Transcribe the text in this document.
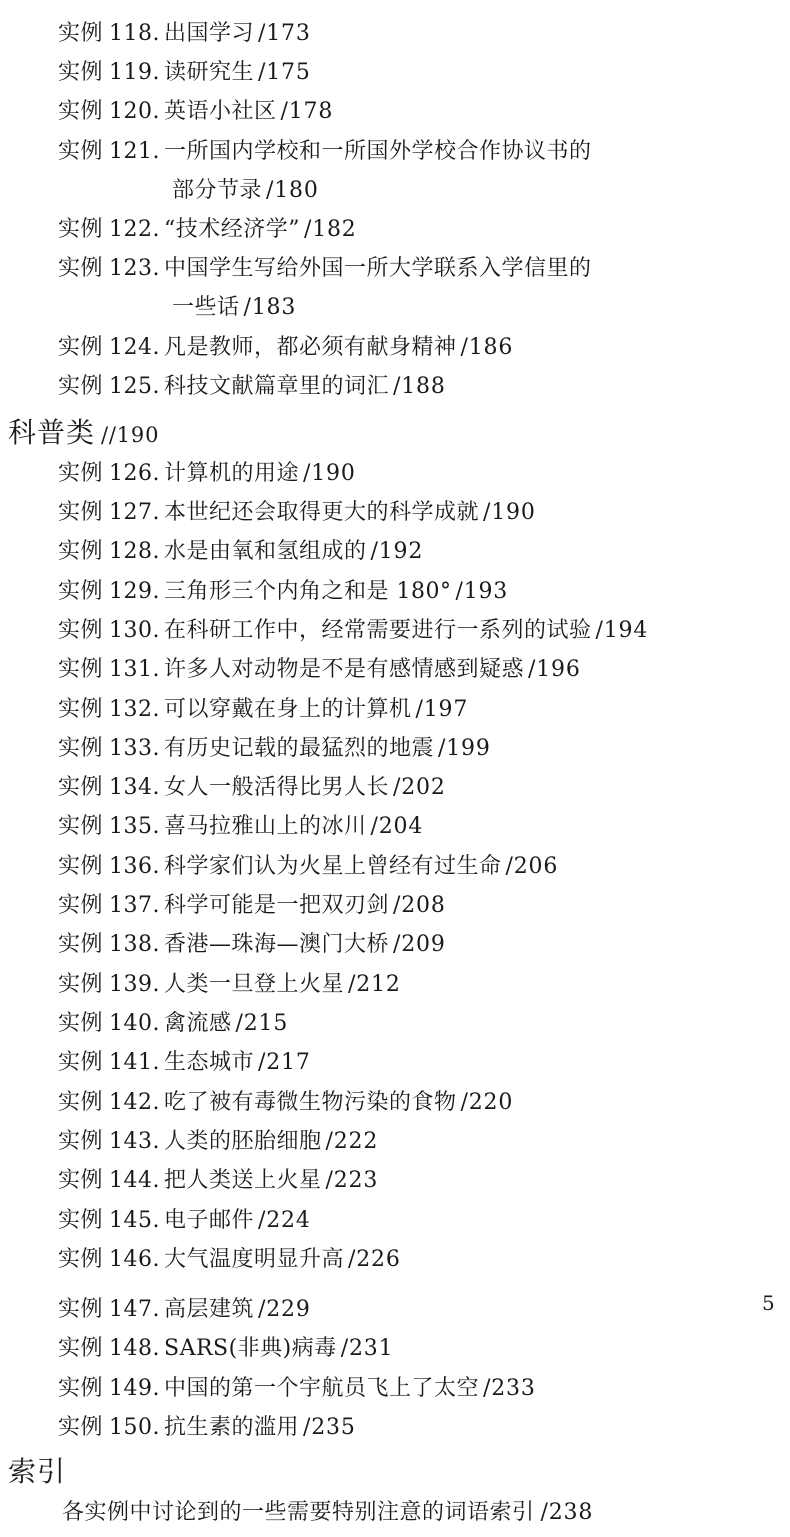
实例 118. 出国学习 /173
实例 119. 读研究生 /175
实例 120. 英语小社区 /178
实例 121. 一所国内学校和一所国外学校合作协议书的
部分节录 /180
实例 122. “技术经济学” /182
实例 123. 中国学生写给外国一所大学联系入学信里的
一些话 /183
实例 124. 凡是教师，都必须有献身精神 /186
实例 125. 科技文献篇章里的词汇 /188
科普类 //190
实例 126. 计算机的用途 /190
实例 127. 本世纪还会取得更大的科学成就 /190
实例 128. 水是由氧和氢组成的 /192
实例 129. 三角形三个内角之和是 180° /193
实例 130. 在科研工作中，经常需要进行一系列的试验 /194
实例 131. 许多人对动物是不是有感情感到疑惑 /196
实例 132. 可以穿戴在身上的计算机 /197
实例 133. 有历史记载的最猛烈的地震 /199
实例 134. 女人一般活得比男人长 /202
实例 135. 喜马拉雅山上的冰川 /204
实例 136. 科学家们认为火星上曾经有过生命 /206
实例 137. 科学可能是一把双刃剑 /208
实例 138. 香港—珠海—澳门大桥 /209
实例 139. 人类一旦登上火星 /212
实例 140. 禽流感 /215
实例 141. 生态城市 /217
实例 142. 吃了被有毒微生物污染的食物 /220
实例 143. 人类的胚胎细胞 /222
实例 144. 把人类送上火星 /223
实例 145. 电子邮件 /224
实例 146. 大气温度明显升高 /226
5
实例 147. 高层建筑 /229
实例 148. SARS(非典)病毒 /231
实例 149. 中国的第一个宇航员飞上了太空 /233
实例 150. 抗生素的滥用 /235
索引
各实例中讨论到的一些需要特别注意的词语索引 /238
